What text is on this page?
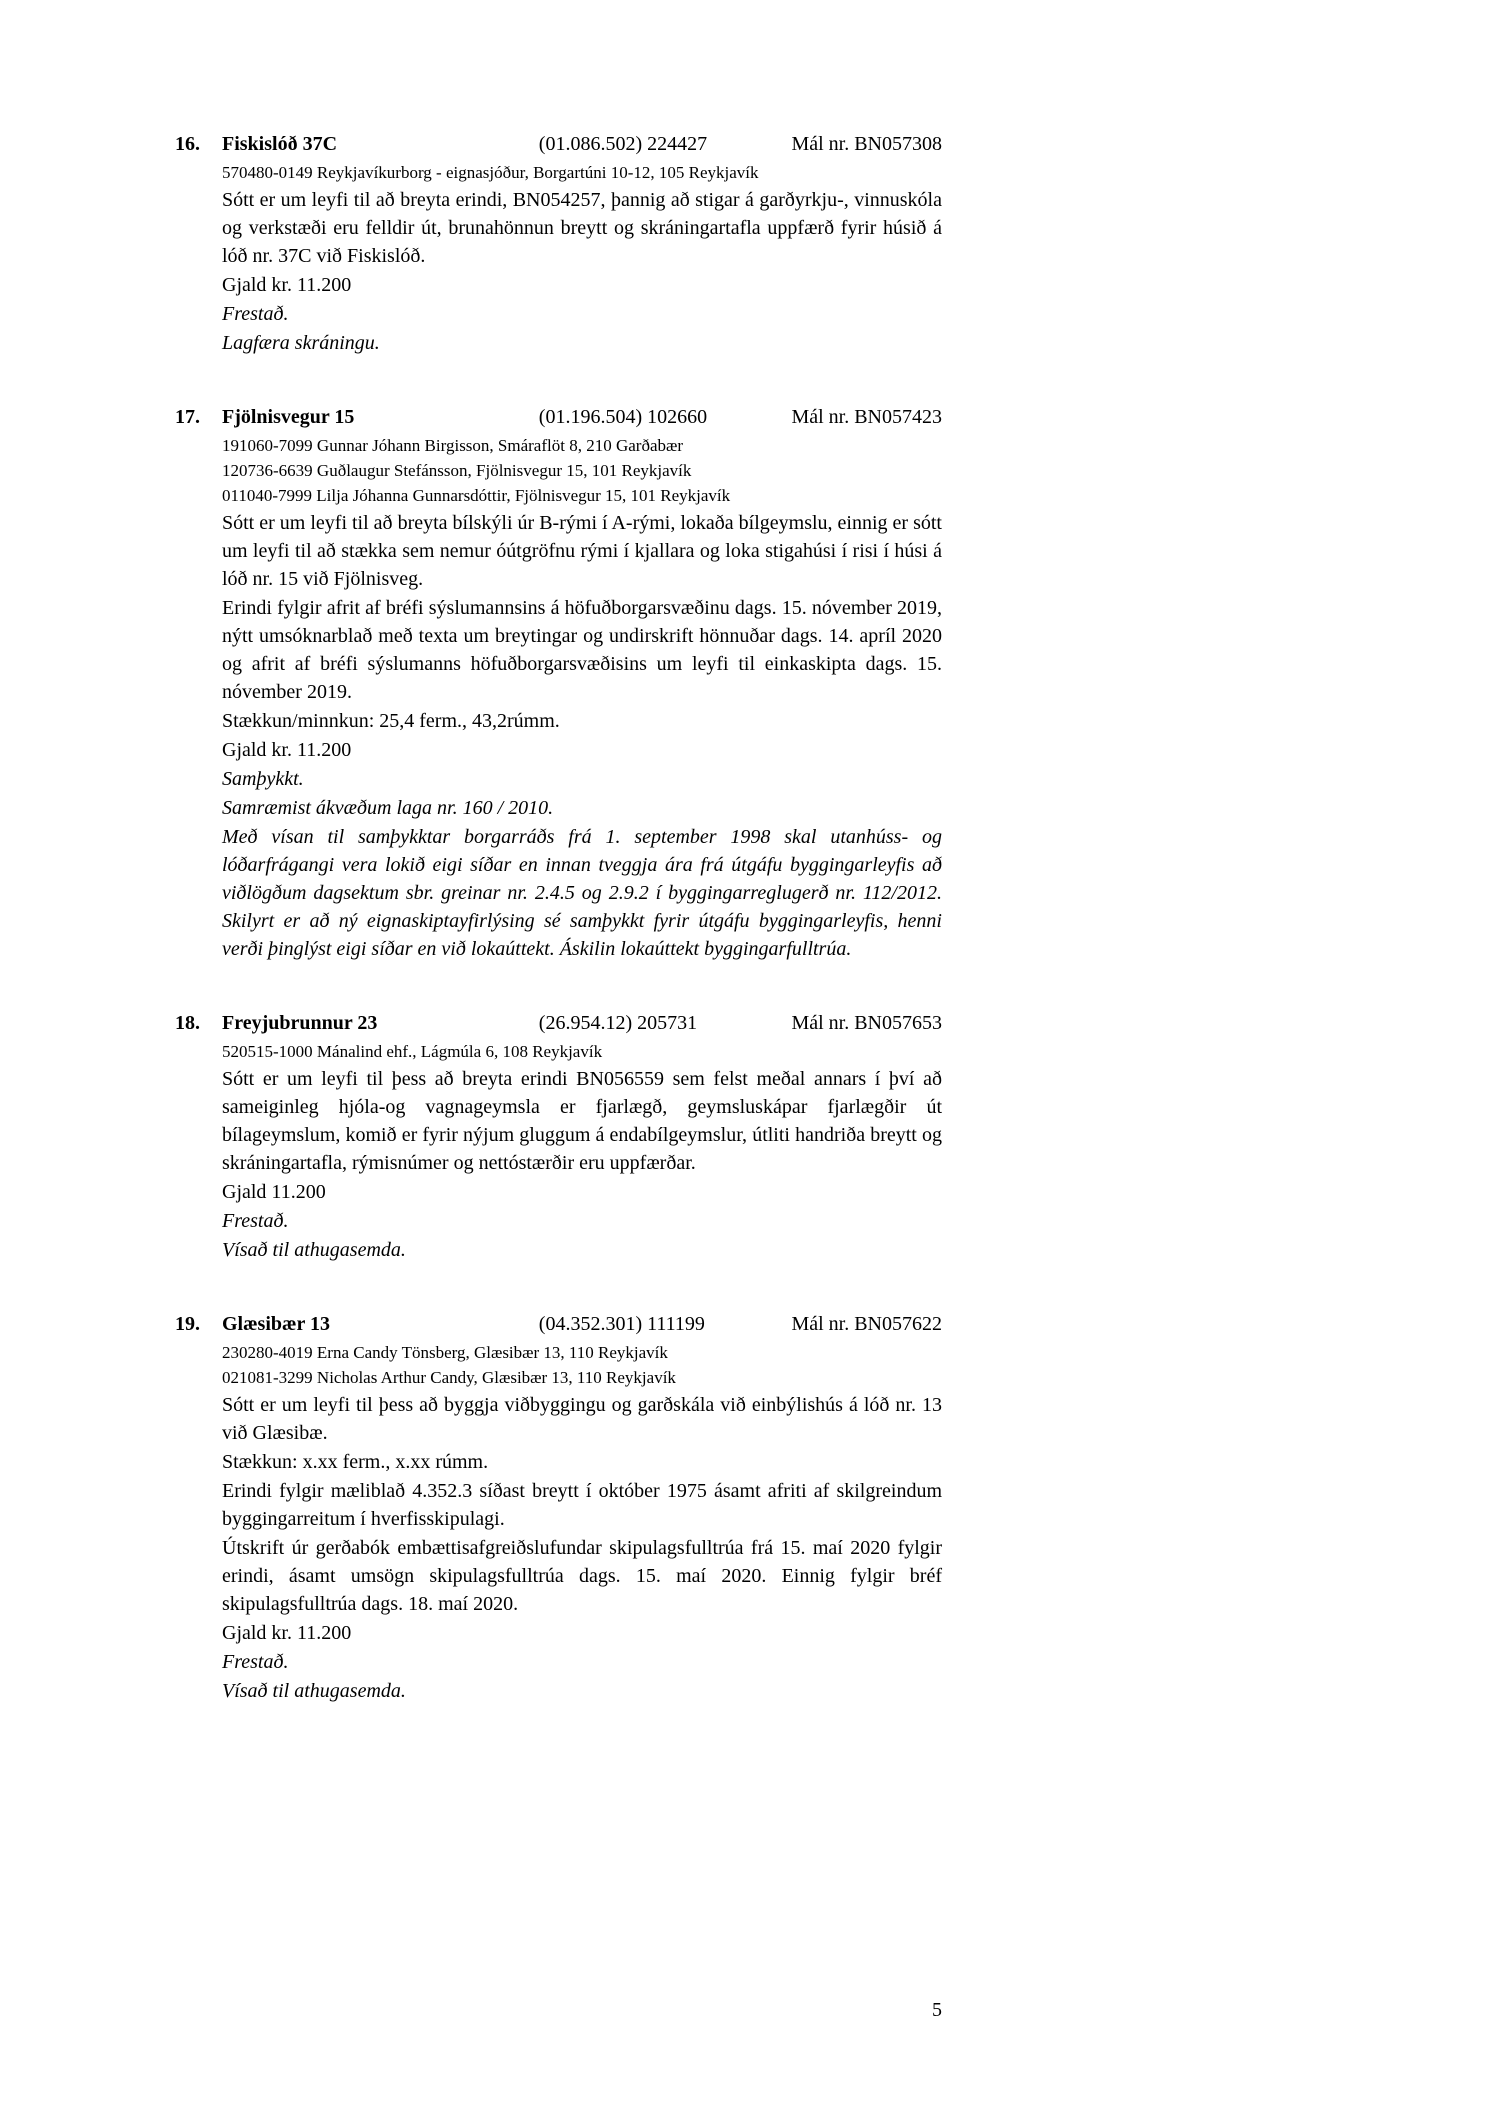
16.	Fiskislóð 37C	(01.086.502) 224427	Mál nr. BN057308

570480-0149 Reykjavíkurborg - eignasjóður, Borgartúni 10-12, 105 Reykjavík

Sótt er um leyfi til að breyta erindi, BN054257, þannig að stigar á garðyrkju-, vinnuskóla og verkstæði eru felldir út, brunahönnun breytt og skráningartafla uppfærð fyrir húsið á lóð nr. 37C við Fiskislóð.

Gjald kr. 11.200

Frestað.

Lagfæra skráningu.

17.	Fjölnisvegur 15	(01.196.504) 102660	Mál nr. BN057423

191060-7099 Gunnar Jóhann Birgisson, Smáraflöt 8, 210 Garðabær

120736-6639 Guðlaugur Stefánsson, Fjölnisvegur 15, 101 Reykjavík

011040-7999 Lilja Jóhanna Gunnarsdóttir, Fjölnisvegur 15, 101 Reykjavík

Sótt er um leyfi til að breyta bílskýli úr B-rými í A-rými, lokaða bílgeymslu, einnig er sótt um leyfi til að stækka sem nemur óútgröfnu rými í kjallara og loka stigahúsi í risi í húsi á lóð nr. 15 við Fjölnisveg.

Erindi fylgir afrit af bréfi sýslumannsins á höfuðborgarsvæðinu dags. 15. nóvember 2019, nýtt umsóknarblað með texta um breytingar og undirskrift hönnuðar dags. 14. apríl 2020 og afrit af bréfi sýslumanns höfuðborgarsvæðisins um leyfi til einkaskipta dags. 15. nóvember 2019.

Stækkun/minnkun: 25,4 ferm., 43,2rúmm.

Gjald kr. 11.200

Samþykkt.

Samræmist ákvæðum laga nr. 160 / 2010.

Með vísan til samþykktar borgarráðs frá 1. september 1998 skal utanhúss- og lóðarfrágangi vera lokið eigi síðar en innan tveggja ára frá útgáfu byggingarleyfis að viðlögðum dagsektum sbr. greinar nr. 2.4.5 og 2.9.2 í byggingarreglugerð nr. 112/2012. Skilyrt er að ný eignaskiptayfirlýsing sé samþykkt fyrir útgáfu byggingarleyfis, henni verði þinglýst eigi síðar en við lokaúttekt. Áskilin lokaúttekt byggingarfulltrúa.

18.	Freyjubrunnur 23	(26.954.12) 205731	Mál nr. BN057653

520515-1000 Mánalind ehf., Lágmúla 6, 108 Reykjavík

Sótt er um leyfi til þess að breyta erindi BN056559 sem felst meðal annars í því að sameiginleg hjóla-og vagnageymsla er fjarlægð, geymsluskápar fjarlægðir út bílageymslum, komið er fyrir nýjum gluggum á endabílgeymslur, útliti handriða breytt og skráningartafla, rýmisnúmer og nettóstærðir eru uppfærðar.

Gjald 11.200

Frestað.

Vísað til athugasemda.

19.	Glæsibær 13	(04.352.301) 111199	Mál nr. BN057622

230280-4019 Erna Candy Tönsberg, Glæsibær 13, 110 Reykjavík

021081-3299 Nicholas Arthur Candy, Glæsibær 13, 110 Reykjavík

Sótt er um leyfi til þess að byggja viðbyggingu og garðskála við einbýlishús á lóð nr. 13 við Glæsibæ.

Stækkun: x.xx ferm., x.xx rúmm.

Erindi fylgir mæliblað 4.352.3 síðast breytt í október 1975 ásamt afriti af skilgreindum byggingarreitum í hverfisskipulagi.

Útskrift úr gerðabók embættisafgreiðslufundar skipulagsfulltrúa frá 15. maí 2020 fylgir erindi, ásamt umsögn skipulagsfulltrúa dags. 15. maí 2020. Einnig fylgir bréf skipulagsfulltrúa dags. 18. maí 2020.

Gjald kr. 11.200

Frestað.

Vísað til athugasemda.

5
